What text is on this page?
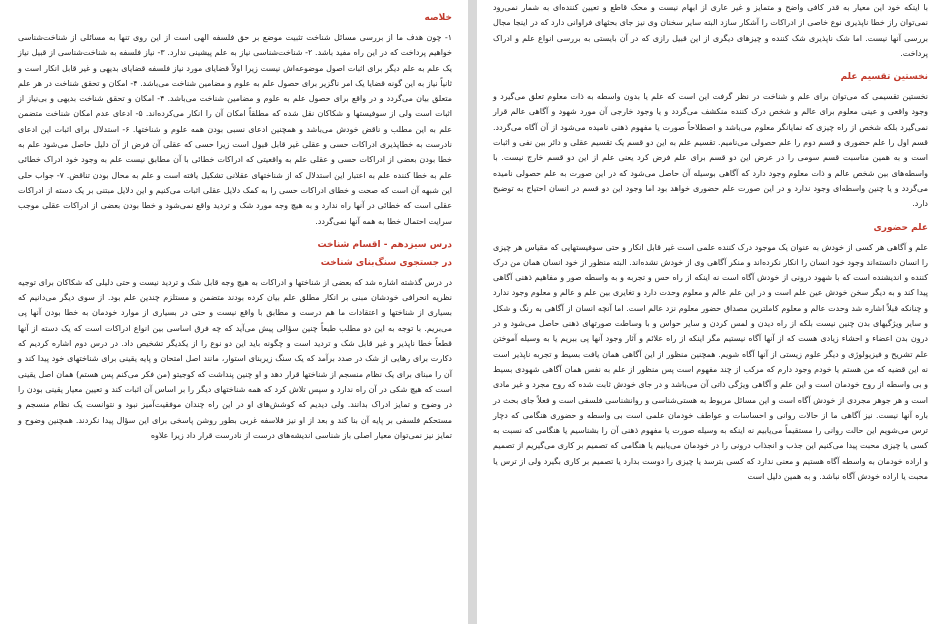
با اینکه خود این معیار به قدر کافی واضح و متمایز و غیر عاری از ابهام نیست و محک قاطع و تعیین کننده‌ای به شمار نمی‌رود نمی‌توان راز خطا ناپذیری نوع خاصی از ادراکات را آشکار سازد البته سایر سخنان وی نیز جای بحثهای فراوانی دارد که در اینجا مجال بررسی آنها نیست. اما شک ناپذیری شک کننده و چیزهای دیگری از این قبیل رازی که در آن بایستی به بررسی انواع علم و ادراک پرداخت.

نخستین تقسیم علم

نخستین تقسیمی که می‌توان برای علم و شناخت در نظر گرفت این است که علم یا بدون واسطه به ذات معلوم تعلق می‌گیرد و وجود واقعی و عینی معلوم برای عالم و شخص درک کننده منکشف می‌گردد و یا وجود خارجی آن مورد شهود و آگاهی عالم قرار نمی‌گیرد بلکه شخص از راه چیزی که نمایانگر معلوم می‌باشد و اصطلاحاً صورت یا مفهوم ذهنی نامیده می‌شود از آن آگاه می‌گردد. قسم اول را علم حضوری و قسم دوم را علم حصولی می‌نامیم. تقسیم علم به این دو قسم یک تقسیم عقلی و دائر بین نفی و اثبات است و به همین مناسبت قسم سومی را در عرض این دو قسم برای علم فرض کرد یعنی علم از این دو قسم خارج نیست. با واسطه‌های بین شخص عالم و ذات معلوم وجود دارد که آگاهی بوسیله آن حاصل می‌شود که در این صورت به علم حصولی نامیده می‌گردد و یا چنین واسطه‌ای وجود ندارد و در این صورت علم حضوری خواهد بود اما وجود این دو قسم در انسان احتیاج به توضیح دارد.

علم حضوری

علم و آگاهی هر کسی از خودش به عنوان یک موجود درک کننده علمی است غیر قابل انکار و حتی سوفیستهایی که مقیاس هر چیزی را انسان دانسته‌اند وجود خود انسان را انکار نکرده‌اند و منکر آگاهی وی از خودش نشده‌اند. البته منظور از خود انسان همان من درک کننده و اندیشنده است که با شهود درونی از خودش آگاه است نه اینکه از راه حس و تجربه و به واسطه صور و مفاهیم ذهنی آگاهی پیدا کند و به دیگر سخن خودش عین علم است و در این علم عالم و معلوم وحدت دارد و تغایری بین علم و عالم و معلوم وجود ندارد و چنانکه قبلاً اشاره شد وحدت عالم و معلوم کاملترین مصداق حضور معلوم نزد عالم است. اما آنچه انسان از آگاهی به رنگ و شکل و سایر ویژگیهای بدن چنین نیست بلکه از راه دیدن و لمس کردن و سایر حواس و با وساطت صورتهای ذهنی حاصل می‌شود و در درون بدن اعضاء و احشاء زیادی هست که از آنها آگاه نیستیم مگر اینکه از راه علائم و آثار وجود آنها پی ببریم یا به وسیله آموختن علم تشریح و فیزیولوژی و دیگر علوم زیستی از آنها آگاه شویم. همچنین منظور از این آگاهی همان یافت بسیط و تجربه ناپذیر است نه این قضیه که من هستم یا خودم وجود دارم که مرکب از چند مفهوم است پس منظور از علم به نفس همان آگاهی شهودی بسیط و بی واسطه از روح خودمان است و این علم و آگاهی ویژگی ذاتی آن می‌باشد و در جای خودش ثابت شده که روح مجرد و غیر مادی است و هر جوهر مجردی از خودش آگاه است و این مسائل مربوط به هستی‌شناسی و روانشناسی فلسفی است و فعلاً جای بحث در باره آنها نیست. نیز آگاهی ما از حالات روانی و احساسات و عواطف خودمان علمی است بی واسطه و حضوری هنگامی که دچار ترس می‌شویم این حالت روانی را مستقیماً می‌یابیم نه اینکه به وسیله صورت یا مفهوم ذهنی آن را بشناسیم یا هنگامی که نسبت به کسی یا چیزی محبت پیدا می‌کنیم این جذب و انجذاب درونی را در خودمان می‌یابیم یا هنگامی که تصمیم بر کاری می‌گیریم از تصمیم و اراده خودمان به واسطه آگاه هستیم و معنی ندارد که کسی بترسد یا چیزی را دوست بدارد یا تصمیم بر کاری بگیرد ولی از ترس یا محبت یا اراده خودش آگاه نباشد. و به همین دلیل است

خلاصه

۱- چون هدف ما از بررسی مسائل شناخت تثبیت موضع بر حق فلسفه الهی است از این روی تنها به مسائلی از شناخت‌شناسی خواهیم پرداخت که در این راه مفید باشد. ۲- شناخت‌شناسی نیاز به علم پیشینی ندارد. ۳- نیاز فلسفه به شناخت‌شناسی از قبیل نیاز یک علم به علم دیگر برای اثبات اصول موضوعه‌اش نیست زیرا اولاً قضایای مورد نیاز فلسفه قضایای بدیهی و غیر قابل انکار است و ثانیاً نیاز به این گونه قضایا یک امر ناگزیر برای حصول علم به علوم و مضامین شناخت می‌باشد. ۴- امکان و تحقق شناخت در هر علم متعلق بیان می‌گردد و در واقع برای حصول علم به علوم و مضامین شناخت می‌باشد. ۴- امکان و تحقق شناخت بدیهی و بی‌نیاز از اثبات است ولی از سوفیستها و شکاکان نقل شده که مطلقاً امکان آن را انکار می‌کرده‌اند. ۵- ادعای عدم امکان شناخت متضمن علم به این مطلب و ناقض خودش می‌باشد و همچنین ادعای نسبی بودن همه علوم و شناختها. ۶- استدلال برای اثبات این ادعای نادرست به خطاپذیری ادراکات حسی و عقلی غیر قابل قبول است زیرا حسی که عقلی آن فرض از آن دلیل حاصل می‌شود علم به خطا بودن بعضی از ادراکات حسی و عقلی علم به واقعیتی که ادراکات خطائی با آن مطابق نیست علم به وجود خود ادراک خطائی علم به خطا کننده علم به اعتبار این استدلال که از شناختهای عقلانی تشکیل یافته است و علم به محال بودن تناقض. ۷- جواب حلی این شبهه آن است که صحت و خطای ادراکات حسی را به کمک دلایل عقلی اثبات می‌کنیم و این دلایل مبتنی بر یک دسته از ادراکات عقلی است که خطائی در آنها راه ندارد و به هیچ وجه مورد شک و تردید واقع نمی‌شود و خطا بودن بعضی از ادراکات عقلی موجب سرایت احتمال خطا به همه آنها نمی‌گردد.

درس سیزدهم - اقسام شناخت
در جستجوی سنگ‌بنای شناخت

در درس گذشته اشاره شد که بعضی از شناختها و ادراکات به هیچ وجه قابل شک و تردید نیست و حتی دلیلی که شکاکان برای توجیه نظریه انحرافی خودشان مبنی بر انکار مطلق علم بیان کرده بودند متضمن و مستلزم چندین علم بود. از سوی دیگر می‌دانیم که بسیاری از شناختها و اعتقادات ما هم درست و مطابق با واقع نیست و حتی در بسیاری از موارد خودمان به خطا بودن آنها پی می‌بریم. با توجه به این دو مطلب طبعاً چنین سؤالی پیش می‌آید که چه فرق اساسی بین انواع ادراکات است که یک دسته از آنها قطعاً خطا ناپذیر و غیر قابل شک و تردید است و چگونه باید این دو نوع را از یکدیگر تشخیص داد. در درس دوم اشاره کردیم که دکارت برای رهایی از شک در صدد برآمد که یک سنگ زیربنای استوار، مانند اصل امتحان و پایه یقینی برای شناختهای خود پیدا کند و آن را مبنای برای یک نظام منسجم از شناختها قرار دهد و او چنین پنداشت که کوجیتو (من فکر می‌کنم پس هستم) همان اصل یقینی است که هیچ شکی در آن راه ندارد و سپس تلاش کرد که همه شناختهای دیگر را بر اساس آن اثبات کند و تعیین معیار یقینی بودن را در وضوح و تمایز ادراک بدانند. ولی دیدیم که کوشش‌های او در این راه چندان موفقیت‌آمیز نبود و نتوانست یک نظام منسجم و مستحکم فلسفی بر پایه آن بنا کند و بعد از او نیز فلاسفه غربی بطور روشن پاسخی برای این سؤال پیدا نکردند. همچنین وضوح و تمایز نیز نمی‌توان معیار اصلی باز شناسی اندیشه‌های درست از نادرست قرار داد زیرا علاوه
